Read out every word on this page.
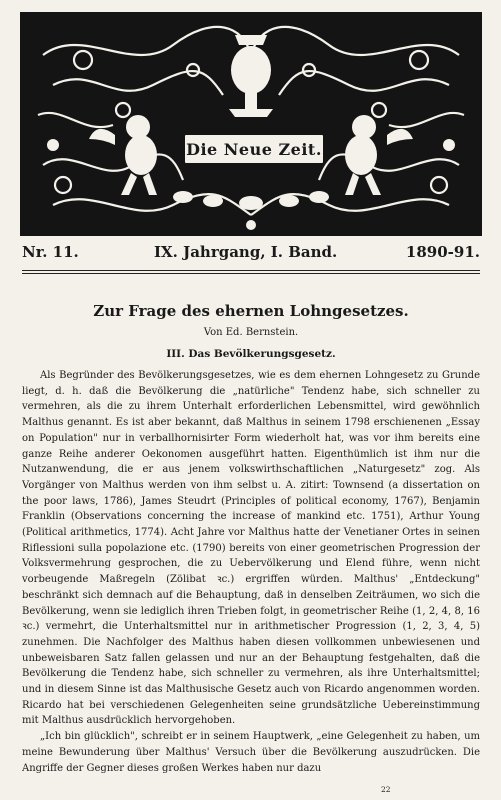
Die Neue Zeit.
Nr. 11.	IX. Jahrgang, I. Band.	1890-91.
Zur Frage des ehernen Lohngesetzes.
Von Ed. Bernstein.
III. Das Bevölkerungsgesetz.

Als Begründer des Bevölkerungsgesetzes, wie es dem ehernen Lohngesetz zu Grunde liegt, d. h. daß die Bevölkerung die „natürliche" Tendenz habe, sich schneller zu vermehren, als die zu ihrem Unterhalt erforderlichen Lebensmittel, wird gewöhnlich Malthus genannt. Es ist aber bekannt, daß Malthus in seinem 1798 erschienenen „Essay on Population" nur in verballhornisirter Form wiederholt hat, was vor ihm bereits eine ganze Reihe anderer Oekonomen ausgeführt hatten. Eigenthümlich ist ihm nur die Nutzanwendung, die er aus jenem volkswirthschaftlichen „Naturgesetz" zog. Als Vorgänger von Malthus werden von ihm selbst u. A. zitirt: Townsend (a dissertation on the poor laws, 1786), James Steudrt (Principles of political economy, 1767), Benjamin Franklin (Observations concerning the increase of mankind etc. 1751), Arthur Young (Political arithmetics, 1774). Acht Jahre vor Malthus hatte der Venetianer Ortes in seinen Riflessioni sulla popolazione etc. (1790) bereits von einer geometrischen Progression der Volksvermehrung gesprochen, die zu Uebervölkerung und Elend führe, wenn nicht vorbeugende Maßregeln (Zölibat ꝛc.) ergriffen würden. Malthus' „Entdeckung" beschränkt sich demnach auf die Behauptung, daß in denselben Zeiträumen, wo sich die Bevölkerung, wenn sie lediglich ihren Trieben folgt, in geometrischer Reihe (1, 2, 4, 8, 16 ꝛc.) vermehrt, die Unterhaltsmittel nur in arithmetischer Progression (1, 2, 3, 4, 5) zunehmen. Die Nachfolger des Malthus haben diesen vollkommen unbewiesenen und unbeweisbaren Satz fallen gelassen und nur an der Behauptung festgehalten, daß die Bevölkerung die Tendenz habe, sich schneller zu vermehren, als ihre Unterhaltsmittel; und in diesem Sinne ist das Malthusische Gesetz auch von Ricardo angenommen worden. Ricardo hat bei verschiedenen Gelegenheiten seine grundsätzliche Uebereinstimmung mit Malthus ausdrücklich hervorgehoben.

„Ich bin glücklich", schreibt er in seinem Hauptwerk, „eine Gelegenheit zu haben, um meine Bewunderung über Malthus' Versuch über die Bevölkerung auszudrücken. Die Angriffe der Gegner dieses großen Werkes haben nur dazu

22
